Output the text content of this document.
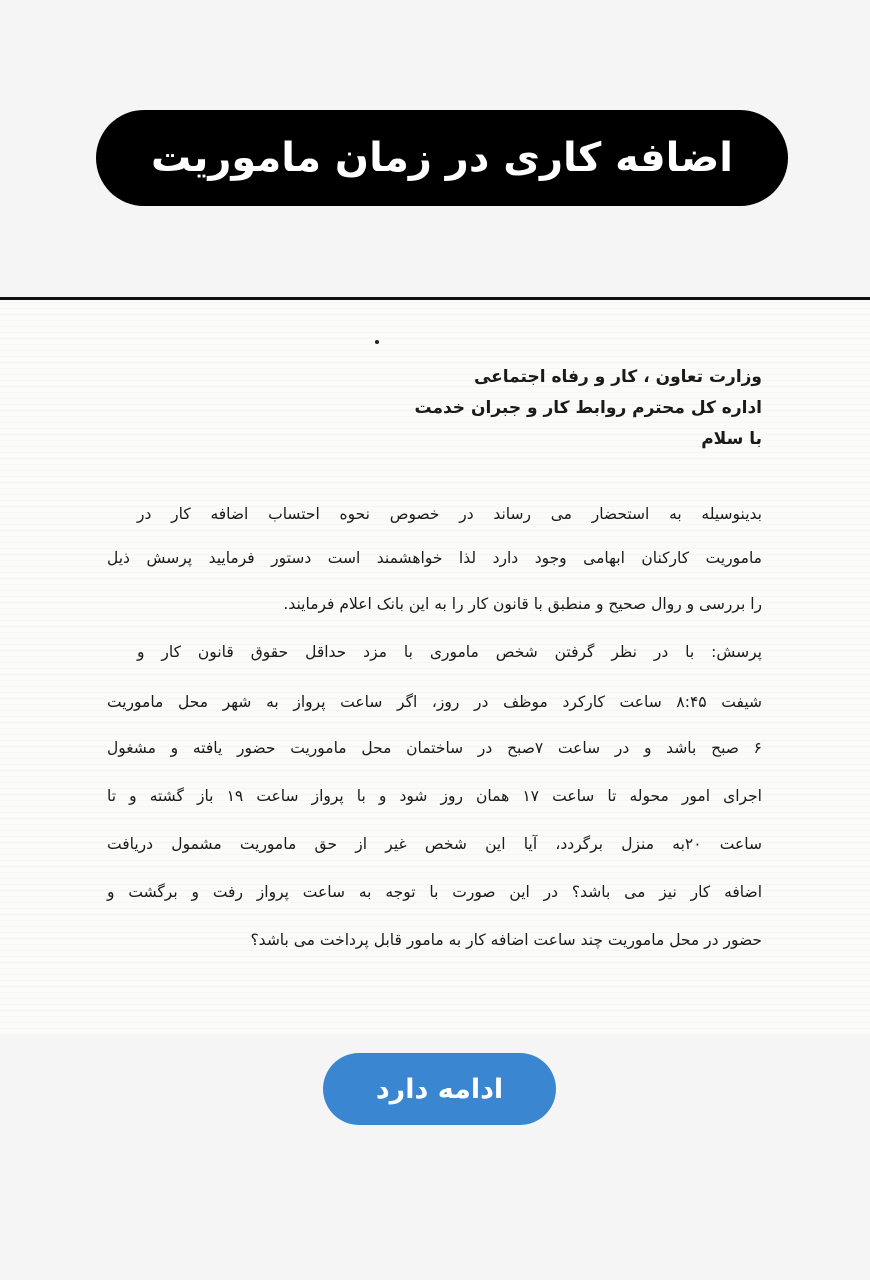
اضافه کاری در زمان ماموریت
وزارت تعاون ، کار و رفاه اجتماعی
اداره کل محترم روابط کار و جبران خدمت
با سلام
بدینوسیله به استحضار می رساند در خصوص نحوه احتساب اضافه کار در
ماموریت کارکنان ابهامی وجود دارد لذا خواهشمند است دستور فرمایید پرسش ذیل
را بررسی و روال صحیح و منطبق با قانون کار را به این بانک اعلام فرمایند.
پرسش: با در نظر گرفتن شخص ماموری با مزد حداقل حقوق قانون کار و
شیفت ۸:۴۵ ساعت کارکرد موظف در روز، اگر ساعت پرواز به شهر محل ماموریت
۶ صبح باشد و در ساعت ۷صبح در ساختمان محل ماموریت حضور یافته و مشغول
اجرای امور محوله تا ساعت ۱۷ همان روز شود و با پرواز ساعت ۱۹ باز گشته و تا
ساعت ۲۰به منزل برگردد، آیا این شخص غیر از حق ماموریت مشمول دریافت
اضافه کار نیز می باشد؟ در این صورت با توجه به ساعت پرواز رفت و برگشت و
حضور در محل ماموریت چند ساعت اضافه کار به مامور قابل پرداخت می باشد؟
ادامه دارد
